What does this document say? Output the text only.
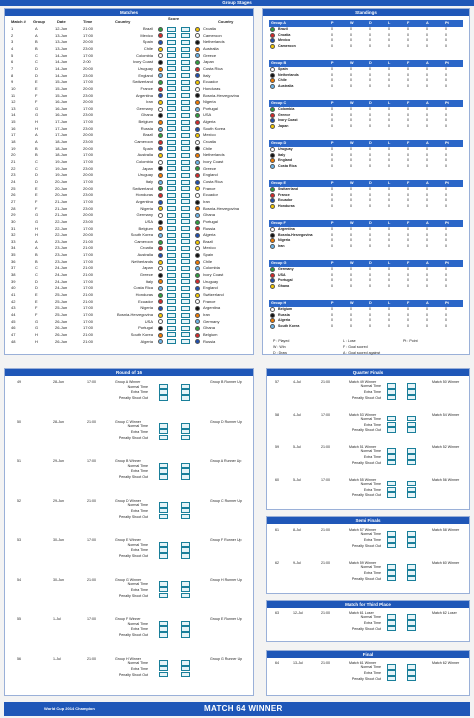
Group Stages
Matches
Match # Group	Date	Time	Country
Score
Country
1	A	12-Jun	21:00	Brazil	Croatia
2	A	13-Jun	17:00	Mexico	Cameroon
3	B	13-Jun	20:00	Spain	Netherlands
4	B	13-Jun	23:00	Chile	Australia
5	C	14-Jun	17:00	Colombia	Greece
6	C	14-Jun	2:00	Ivory Coast	Japan
7	D	14-Jun	20:00	Uruguay	Costa Rica
8	D	14-Jun	23:00	England	Italy
9	E	15-Jun	17:00	Switzerland	Ecuador
10	E	15-Jun	20:00	France	Honduras
11	F	15-Jun	23:00	Argentina	Bosnia-Herzegovina
12	F	16-Jun	20:00	Iran	Nigeria
13	G	16-Jun	17:00	Germany	Portugal
14	G	16-Jun	23:00	Ghana	USA
15	H	17-Jun	17:00	Belgium	Algeria
16	H	17-Jun	23:00	Russia	South Korea
17	A	17-Jun	20:00	Brazil	Mexico
18	A	18-Jun	23:00	Cameroon	Croatia
19	B	18-Jun	20:00	Spain	Chile
20	B	18-Jun	17:00	Australia	Netherlands
21	C	19-Jun	17:00	Colombia	Ivory Coast
22	C	19-Jun	23:00	Japan	Greece
23	D	19-Jun	20:00	Uruguay	England
24	D	20-Jun	17:00	Italy	Costa Rica
25	E	20-Jun	20:00	Switzerland	France
26	E	20-Jun	23:00	Honduras	Ecuador
27	F	21-Jun	17:00	Argentina	Iran
28	F	21-Jun	23:00	Nigeria	Bosnia-Herzegovina
29	G	21-Jun	20:00	Germany	Ghana
30	G	22-Jun	23:00	USA	Portugal
31	H	22-Jun	17:00	Belgium	Russia
32	H	22-Jun	20:00	South Korea	Algeria
33	A	23-Jun	21:00	Cameroon	Brazil
34	A	23-Jun	21:00	Croatia	Mexico
35	B	23-Jun	17:00	Australia	Spain
36	B	23-Jun	17:00	Netherlands	Chile
37	C	24-Jun	21:00	Japan	Colombia
38	C	24-Jun	21:00	Greece	Ivory Coast
39	D	24-Jun	17:00	Italy	Uruguay
40	D	24-Jun	17:00	Costa Rica	England
41	E	25-Jun	21:00	Honduras	Switzerland
42	E	25-Jun	21:00	Ecuador	France
43	F	25-Jun	17:00	Nigeria	Argentina
44	F	25-Jun	17:00	Bosnia-Herzegovina	Iran
45	G	26-Jun	17:00	USA	Germany
46	G	26-Jun	17:00	Portugal	Ghana
47	H	26-Jun	21:00	South Korea	Belgium
48	H	26-Jun	21:00	Algeria	Russia
Standings
Group A	P	W	D	L	F	A	Pt
Brazil	0	0	0	0	0	0	0
Croatia	0	0	0	0	0	0	0
Mexico	0	0	0	0	0	0	0
Cameroon	0	0	0	0	0	0	0
Group B	P	W	D	L	F	A	Pt
Spain	0	0	0	0	0	0	0
Netherlands	0	0	0	0	0	0	0
Chile	0	0	0	0	0	0	0
Australia	0	0	0	0	0	0	0
Group C	P	W	D	L	F	A	Pt
Colombia	0	0	0	0	0	0	0
Greece	0	0	0	0	0	0	0
Ivory Coast	0	0	0	0	0	0	0
Japan	0	0	0	0	0	0	0
Group D	P	W	D	L	F	A	Pt
Uruguay	0	0	0	0	0	0	0
Italy	0	0	0	0	0	0	0
England	0	0	0	0	0	0	0
Costa Rica	0	0	0	0	0	0	0
Group E	P	W	D	L	F	A	Pt
Switzerland	0	0	0	0	0	0	0
France	0	0	0	0	0	0	0
Ecuador	0	0	0	0	0	0	0
Honduras	0	0	0	0	0	0	0
Group F	P	W	D	L	F	A	Pt
Argentina	0	0	0	0	0	0	0
Bosnia-Herzegovina	0	0	0	0	0	0	0
Nigeria	0	0	0	0	0	0	0
Iran	0	0	0	0	0	0	0
Group G	P	W	D	L	F	A	Pt
Germany	0	0	0	0	0	0	0
USA	0	0	0	0	0	0	0
Portugal	0	0	0	0	0	0	0
Ghana	0	0	0	0	0	0	0
Group H	P	W	D	L	F	A	Pt
Belgium	0	0	0	0	0	0	0
Russia	0	0	0	0	0	0	0
Algeria	0	0	0	0	0	0	0
South Korea	0	0	0	0	0	0	0
P : Played	L : Lose	Pt : Point
W : Win	F : Goal scored
D : Draw	A : Goal scored against
Round of 16
49	28-Jun	17:00	Group A Winner	Group B Runner Up
Normal Time
Extra Time
Penalty Shoot Out
50	28-Jun	21:00	Group C Winner	Group D Runner Up
Normal Time
Extra Time
Penalty Shoot Out
51	29-Jun	17:00	Group B Winner	Group A Runner Up
Normal Time
Extra Time
Penalty Shoot Out
52	29-Jun	21:00	Group D Winner	Group C Runner Up
Normal Time
Extra Time
Penalty Shoot Out
53	30-Jun	17:00	Group E Winner	Group F Runner Up
Normal Time
Extra Time
Penalty Shoot Out
54	30-Jun	21:00	Group G Winner	Group H Runner Up
Normal Time
Extra Time
Penalty Shoot Out
55	1-Jul	17:00	Group F Winner	Group E Runner Up
Normal Time
Extra Time
Penalty Shoot Out
56	1-Jul	21:00	Group H Winner	Group G Runner Up
Normal Time
Extra Time
Penalty Shoot Out
Quarter Finals
57	4-Jul	21:00	Match 49 Winner	Match 50 Winner
Normal Time
Extra Time
Penalty Shoot Out
58	4-Jul	17:00	Match 53 Winner	Match 54 Winner
Normal Time
Extra Time
Penalty Shoot Out
59	5-Jul	21:00	Match 51 Winner	Match 52 Winner
Normal Time
Extra Time
Penalty Shoot Out
60	5-Jul	17:00	Match 55 Winner	Match 56 Winner
Normal Time
Extra Time
Penalty Shoot Out
Semi Finals
61	8-Jul	21:00	Match 57 Winner	Match 58 Winner
Normal Time
Extra Time
Penalty Shoot Out
62	9-Jul	21:00	Match 59 Winner	Match 60 Winner
Normal Time
Extra Time
Penalty Shoot Out
Match for Third Place
63	12-Jul	21:00	Match 61 Loser	Match 62 Loser
Normal Time
Extra Time
Penalty Shoot Out
Final
64	13-Jul	21:00	Match 61 Winner	Match 62 Winner
Normal Time
Extra Time
Penalty Shoot Out
World Cup 2014 Champion	MATCH 64 WINNER
